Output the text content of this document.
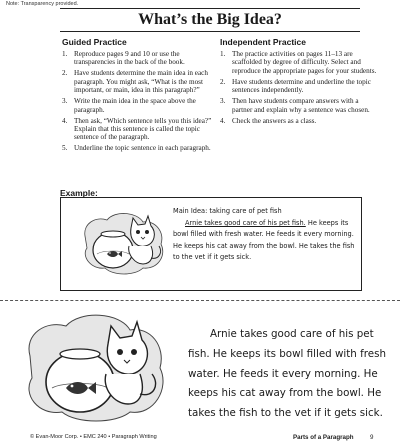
Note: Transparency provided.
What’s the Big Idea?
Guided Practice
1. Reproduce pages 9 and 10 or use the transparencies in the back of the book.
2. Have students determine the main idea in each paragraph. You might ask, “What is the most important, or main, idea in this paragraph?”
3. Write the main idea in the space above the paragraph.
4. Then ask, “Which sentence tells you this idea?” Explain that this sentence is called the topic sentence of the paragraph.
5. Underline the topic sentence in each paragraph.
Independent Practice
1. The practice activities on pages 11–13 are scaffolded by degree of difficulty. Select and reproduce the appropriate pages for your students.
2. Have students determine and underline the topic sentences independently.
3. Then have students compare answers with a partner and explain why a sentence was chosen.
4. Check the answers as a class.
Example:
Main Idea: taking care of pet fish
Arnie takes good care of his pet fish. He keeps its bowl filled with fresh water. He feeds it every morning. He keeps his cat away from the bowl. He takes the fish to the vet if it gets sick.
Arnie takes good care of his pet fish. He keeps its bowl filled with fresh water. He feeds it every morning. He keeps his cat away from the bowl. He takes the fish to the vet if it gets sick.
© Evan-Moor Corp. • EMC 240 • Paragraph Writing	Parts of a Paragraph	9
